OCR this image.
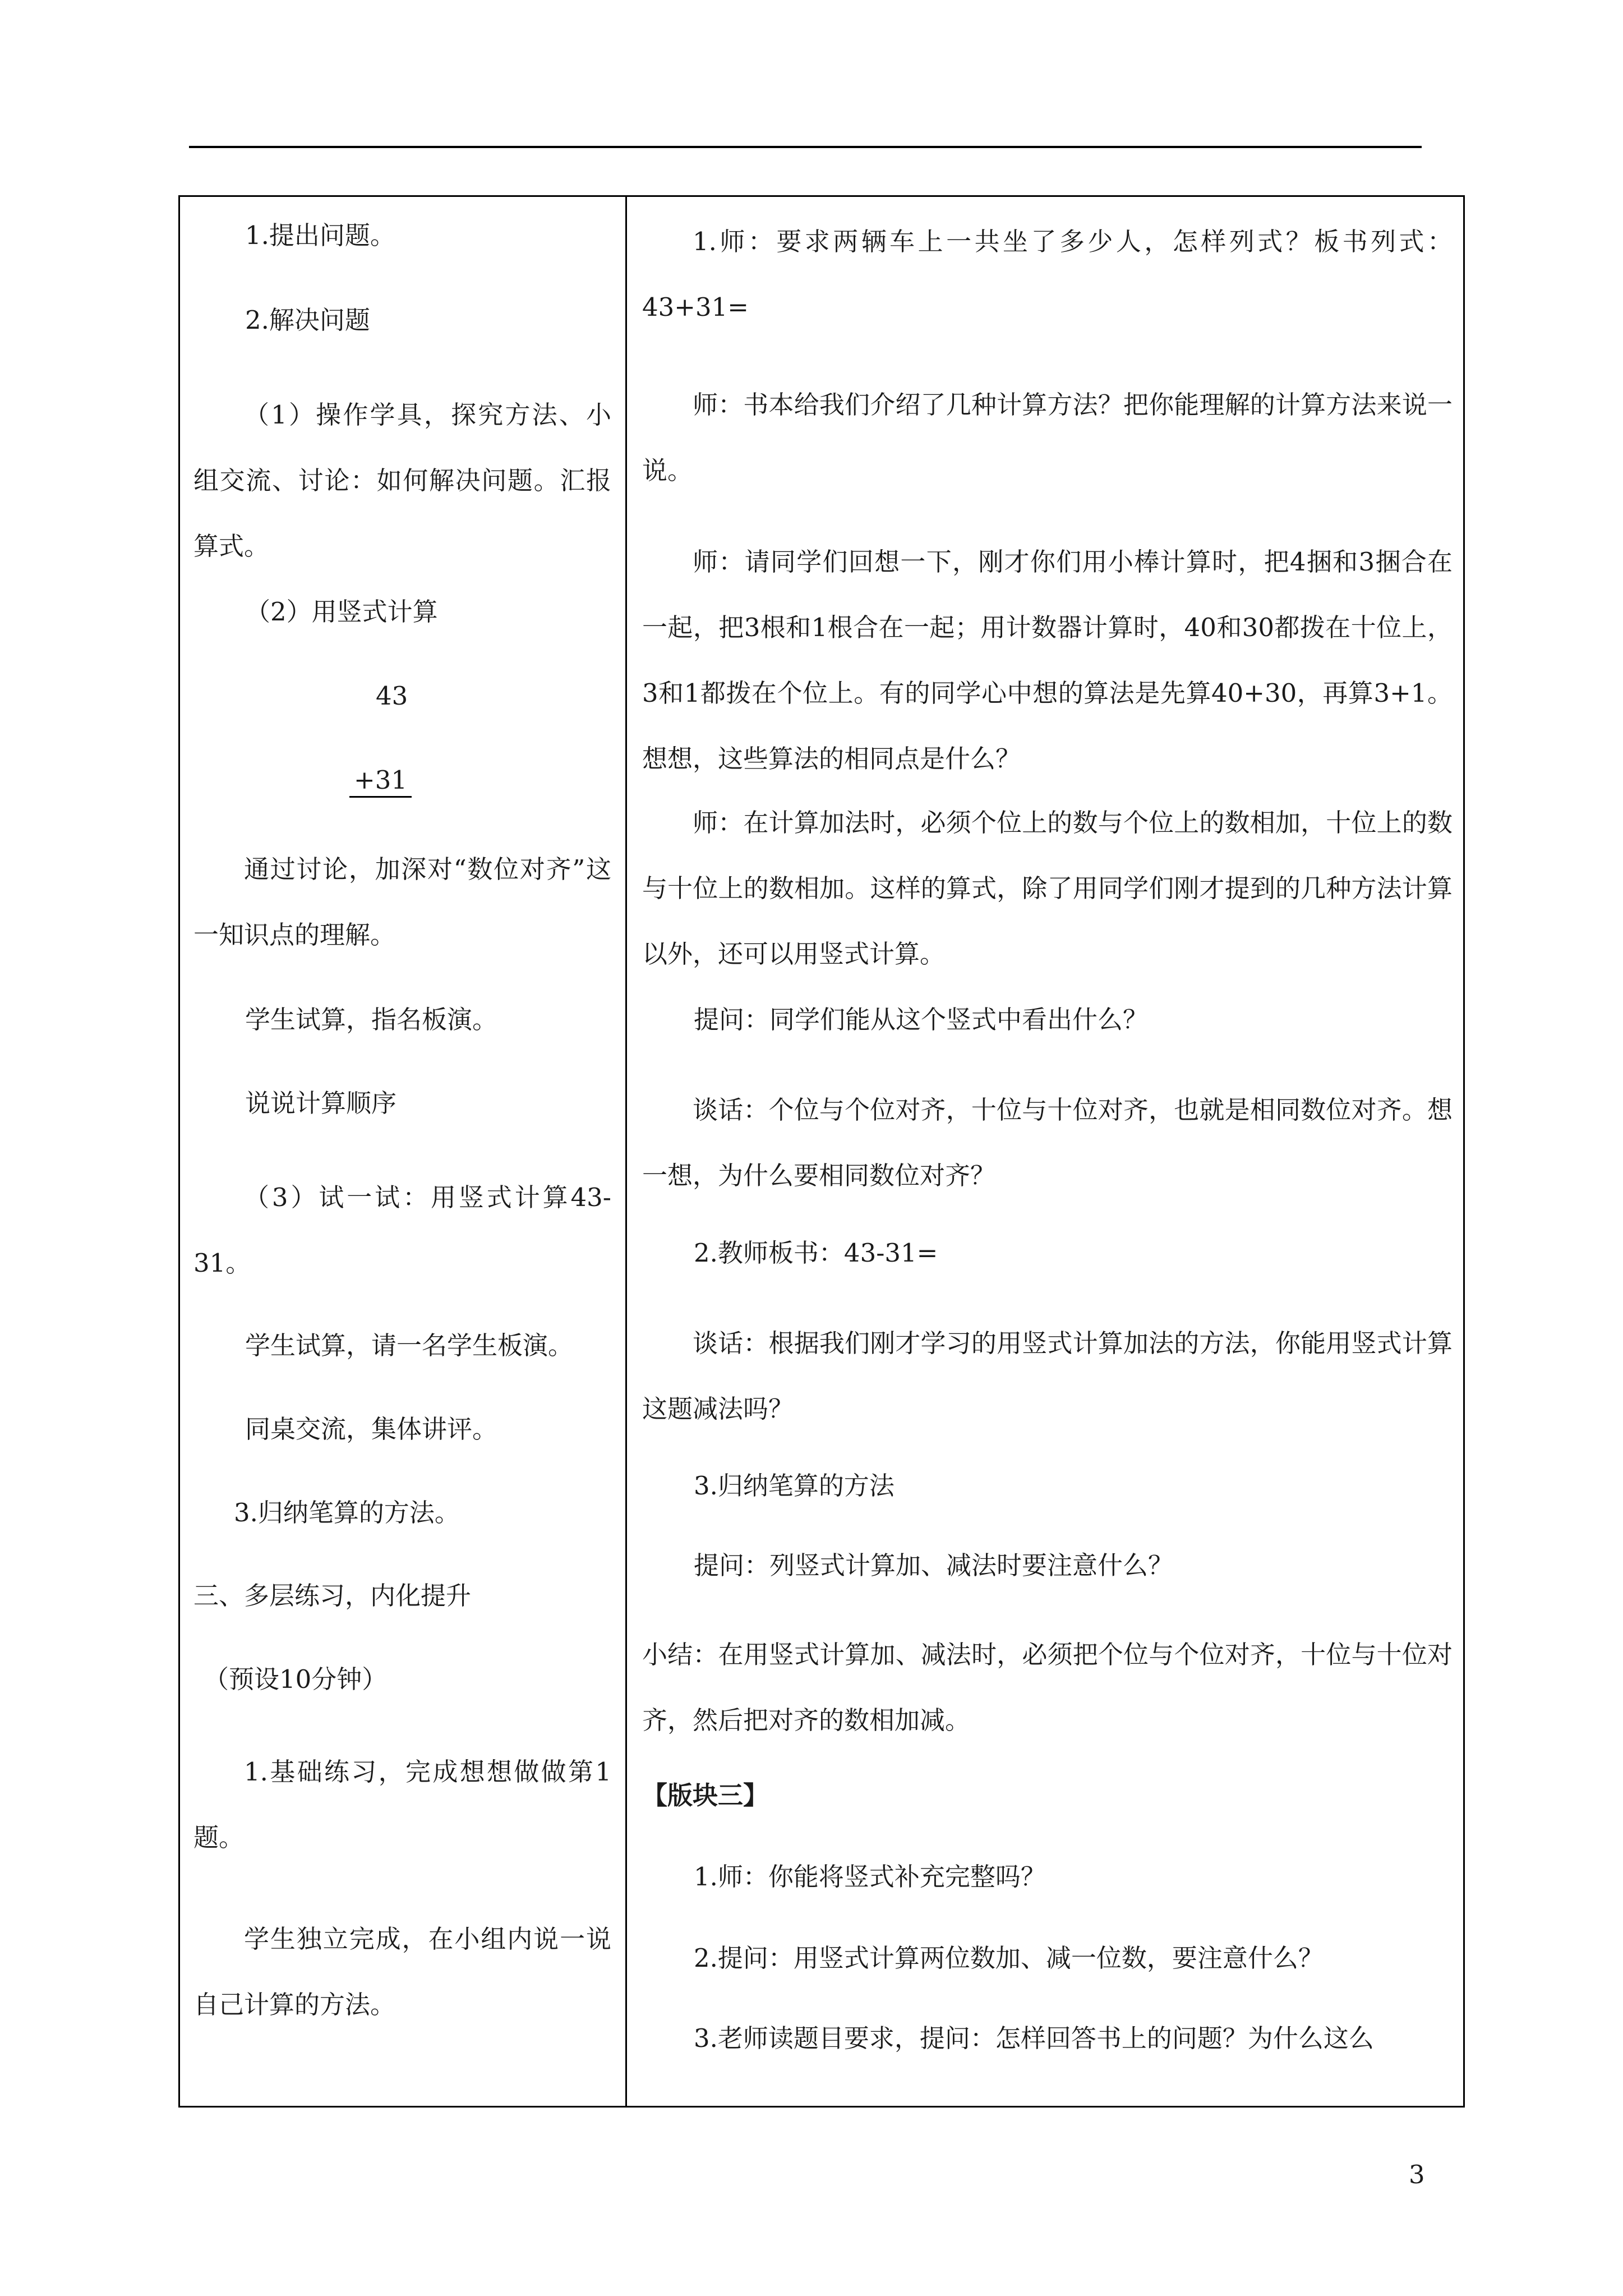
1.提出问题。
2.解决问题
（1）操作学具，探究方法、小组交流、讨论：如何解决问题。汇报算式。
（2）用竖式计算
43
+31
通过讨论，加深对“数位对齐”这一知识点的理解。
学生试算，指名板演。
说说计算顺序
（3）试一试：用竖式计算43-31。
学生试算，请一名学生板演。
同桌交流，集体讲评。
3.归纳笔算的方法。
三、多层练习，内化提升
（预设10分钟）
1.基础练习，完成想想做做第1题。
学生独立完成，在小组内说一说自己计算的方法。
1.师：要求两辆车上一共坐了多少人，怎样列式？板书列式：43+31=
师：书本给我们介绍了几种计算方法？把你能理解的计算方法来说一说。
师：请同学们回想一下，刚才你们用小棒计算时，把4捆和3捆合在一起，把3根和1根合在一起；用计数器计算时，40和30都拨在十位上，3和1都拨在个位上。有的同学心中想的算法是先算40+30，再算3+1。想想，这些算法的相同点是什么？
师：在计算加法时，必须个位上的数与个位上的数相加，十位上的数与十位上的数相加。这样的算式，除了用同学们刚才提到的几种方法计算以外，还可以用竖式计算。
提问：同学们能从这个竖式中看出什么？
谈话：个位与个位对齐，十位与十位对齐，也就是相同数位对齐。想一想，为什么要相同数位对齐？
2.教师板书：43-31=
谈话：根据我们刚才学习的用竖式计算加法的方法，你能用竖式计算这题减法吗？
3.归纳笔算的方法
提问：列竖式计算加、减法时要注意什么？
小结：在用竖式计算加、减法时，必须把个位与个位对齐，十位与十位对齐，然后把对齐的数相加减。
【版块三】
1.师：你能将竖式补充完整吗？
2.提问：用竖式计算两位数加、减一位数，要注意什么？
3.老师读题目要求，提问：怎样回答书上的问题？为什么这么
3
